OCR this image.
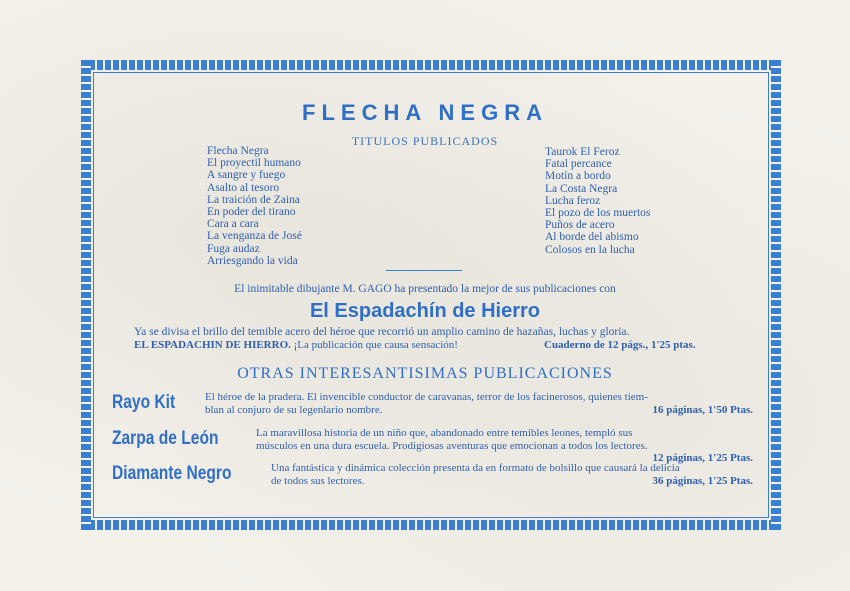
FLECHA NEGRA
TITULOS PUBLICADOS
Flecha Negra
El proyectil humano
A sangre y fuego
Asalto al tesoro
La traición de Zaina
En poder del tirano
Cara a cara
La venganza de José
Fuga audaz
Arriesgando la vida
Taurok El Feroz
Fatal percance
Motín a bordo
La Costa Negra
Lucha feroz
El pozo de los muertos
Puños de acero
Al borde del abismo
Colosos en la lucha
El inimitable dibujante M. GAGO ha presentado la mejor de sus publicaciones con
El Espadachín de Hierro
Ya se divisa el brillo del temible acero del héroe que recorrió un amplio camino de hazañas, luchas y gloria.
EL ESPADACHIN DE HIERRO. ¡La publicación que causa sensación!	Cuaderno de 12 págs., 1'25 ptas.
OTRAS INTERESANTISIMAS PUBLICACIONES
Rayo Kit	El héroe de la pradera. El invencible conductor de caravanas, terror de los facinerosos, quienes tiem-
blan al conjuro de su legenlario nombre.	16 páginas, 1'50 Ptas.
Zarpa de León	La maravillosa historia de un niño que, abandonado entre temibles leones, templó sus
músculos en una dura escuela. Prodigiosas aventuras que emocionan a todos los lectores.
12 páginas, 1'25 Ptas.
Diamante Negro	Una fantástica y dinámica colección presenta da en formato de bolsillo que causará la delicia
de todos sus lectores.	36 páginas, 1'25 Ptas.
